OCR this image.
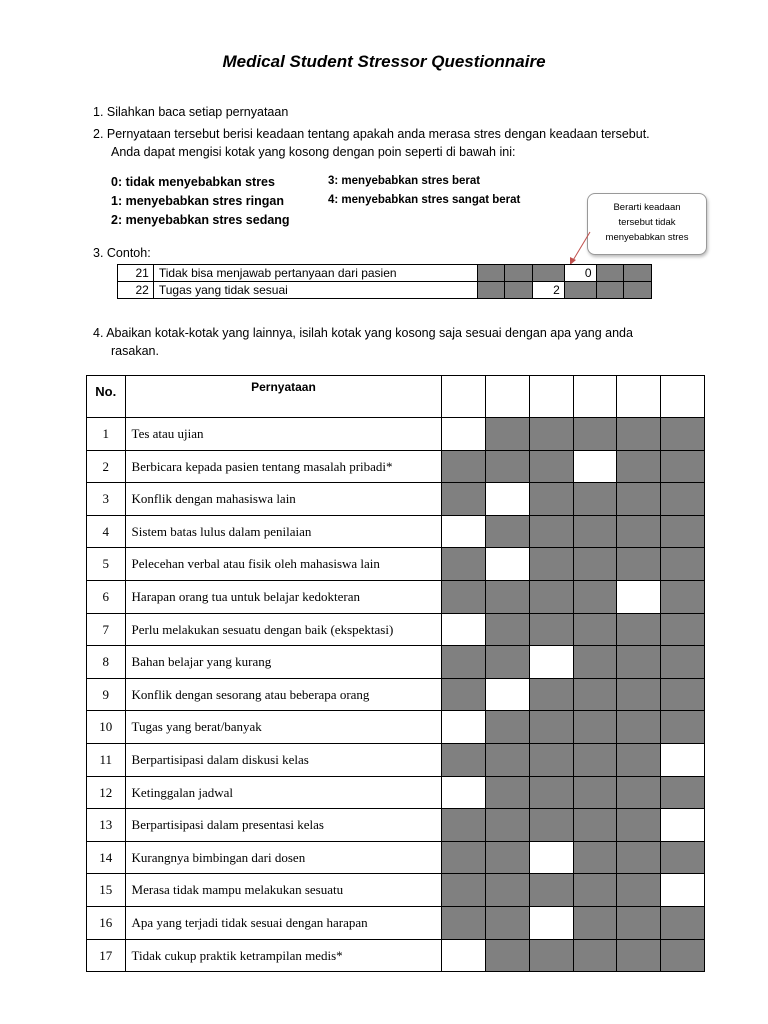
Medical Student Stressor Questionnaire
1. Silahkan baca setiap pernyataan
2. Pernyataan tersebut berisi keadaan tentang apakah anda merasa stres dengan keadaan tersebut.
Anda dapat mengisi kotak yang kosong dengan poin seperti di bawah ini:
0: tidak menyebabkan stres
1: menyebabkan stres ringan
2: menyebabkan stres sedang
3: menyebabkan stres berat
4: menyebabkan stres sangat berat
Berarti keadaan
tersebut tidak
menyebabkan stres
3. Contoh:
21	Tidak bisa menjawab pertanyaan dari pasien				0		
22	Tugas yang tidak sesuai			2			
4. Abaikan kotak-kotak yang lainnya, isilah kotak yang kosong saja sesuai dengan apa yang anda
rasakan.
No.	Pernyataan						
1	Tes atau ujian						
2	Berbicara kepada pasien tentang masalah pribadi*						
3	Konflik dengan mahasiswa lain						
4	Sistem batas lulus dalam penilaian						
5	Pelecehan verbal atau fisik oleh mahasiswa lain						
6	Harapan orang tua untuk belajar kedokteran						
7	Perlu melakukan sesuatu dengan baik (ekspektasi)						
8	Bahan belajar yang kurang						
9	Konflik dengan sesorang atau beberapa orang						
10	Tugas yang berat/banyak						
11	Berpartisipasi dalam diskusi kelas						
12	Ketinggalan jadwal						
13	Berpartisipasi dalam presentasi kelas						
14	Kurangnya bimbingan dari dosen						
15	Merasa tidak mampu melakukan sesuatu						
16	Apa yang terjadi tidak sesuai dengan harapan						
17	Tidak cukup praktik ketrampilan medis*						
